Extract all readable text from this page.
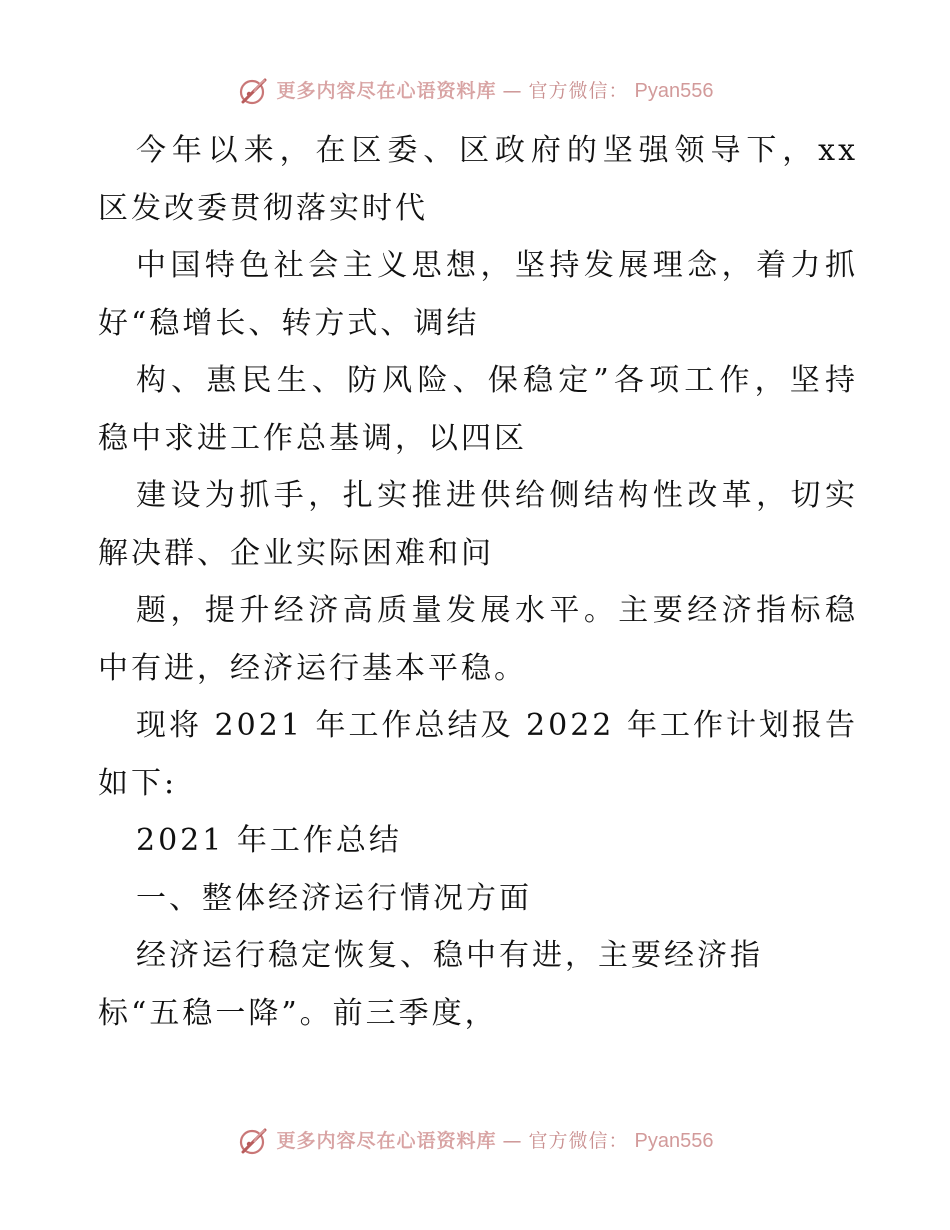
更多内容尽在心语资料库 — 官方微信： Pyan556

今年以来，在区委、区政府的坚强领导下，xx

区发改委贯彻落实时代

中国特色社会主义思想，坚持发展理念，着力抓

好“稳增长、转方式、调结

构、惠民生、防风险、保稳定”各项工作，坚持

稳中求进工作总基调，以四区

建设为抓手，扎实推进供给侧结构性改革，切实

解决群、企业实际困难和问

题，提升经济高质量发展水平。主要经济指标稳

中有进，经济运行基本平稳。

现将 2021 年工作总结及 2022 年工作计划报告

如下:

2021 年工作总结

一、整体经济运行情况方面

经济运行稳定恢复、稳中有进，主要经济指

标“五稳一降”。前三季度，

更多内容尽在心语资料库 — 官方微信： Pyan556
